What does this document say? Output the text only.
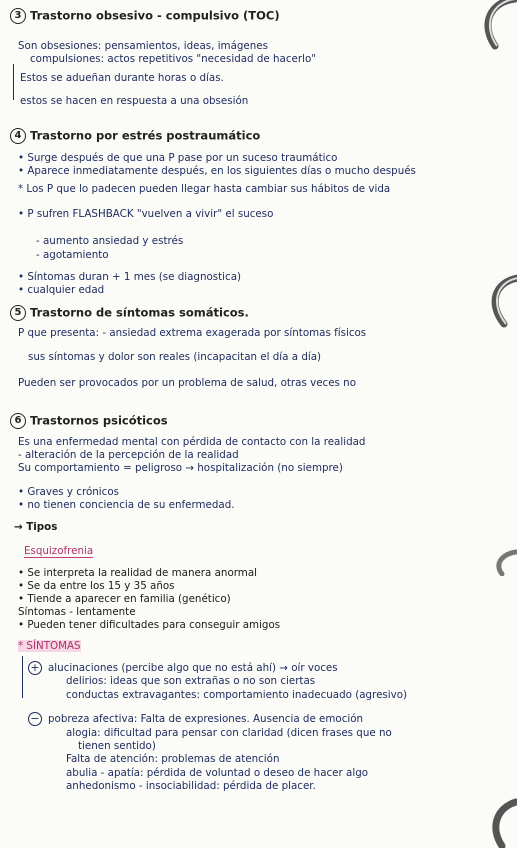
3 Trastorno obsesivo - compulsivo (TOC)
Son obsesiones: pensamientos, ideas, imágenes
compulsiones: actos repetitivos "necesidad de hacerlo"
Estos se adueñan durante horas o días.
estos se hacen en respuesta a una obsesión
4 Trastorno por estrés postraumático
• Surge después de que una P pase por un suceso traumático
• Aparece inmediatamente después, en los siguientes días o mucho después
* Los P que lo padecen pueden llegar hasta cambiar sus hábitos de vida
• P sufren FLASHBACK "vuelven a vivir" el suceso
- aumento ansiedad y estrés
- agotamiento
• Síntomas duran + 1 mes (se diagnostica)
• cualquier edad
5 Trastorno de síntomas somáticos.
P que presenta: - ansiedad extrema exagerada por síntomas físicos
sus síntomas y dolor son reales (incapacitan el día a día)
Pueden ser provocados por un problema de salud, otras veces no
6 Trastornos psicóticos
Es una enfermedad mental con pérdida de contacto con la realidad
- alteración de la percepción de la realidad
Su comportamiento = peligroso → hospitalización (no siempre)
• Graves y crónicos
• no tienen conciencia de su enfermedad.
→ Tipos
Esquizofrenia
• Se interpreta la realidad de manera anormal
• Se da entre los 15 y 35 años
• Tiende a aparecer en familia (genético)
Síntomas - lentamente
• Pueden tener dificultades para conseguir amigos
* SÍNTOMAS
+ alucinaciones (percibe algo que no está ahí) → oír voces
delirios: ideas que son extrañas o no son ciertas
conductas extravagantes: comportamiento inadecuado (agresivo)
− pobreza afectiva: Falta de expresiones. Ausencia de emoción
alogia: dificultad para pensar con claridad (dicen frases que no
tienen sentido)
Falta de atención: problemas de atención
abulia - apatía: pérdida de voluntad o deseo de hacer algo
anhedonismo - insociabilidad: pérdida de placer.
